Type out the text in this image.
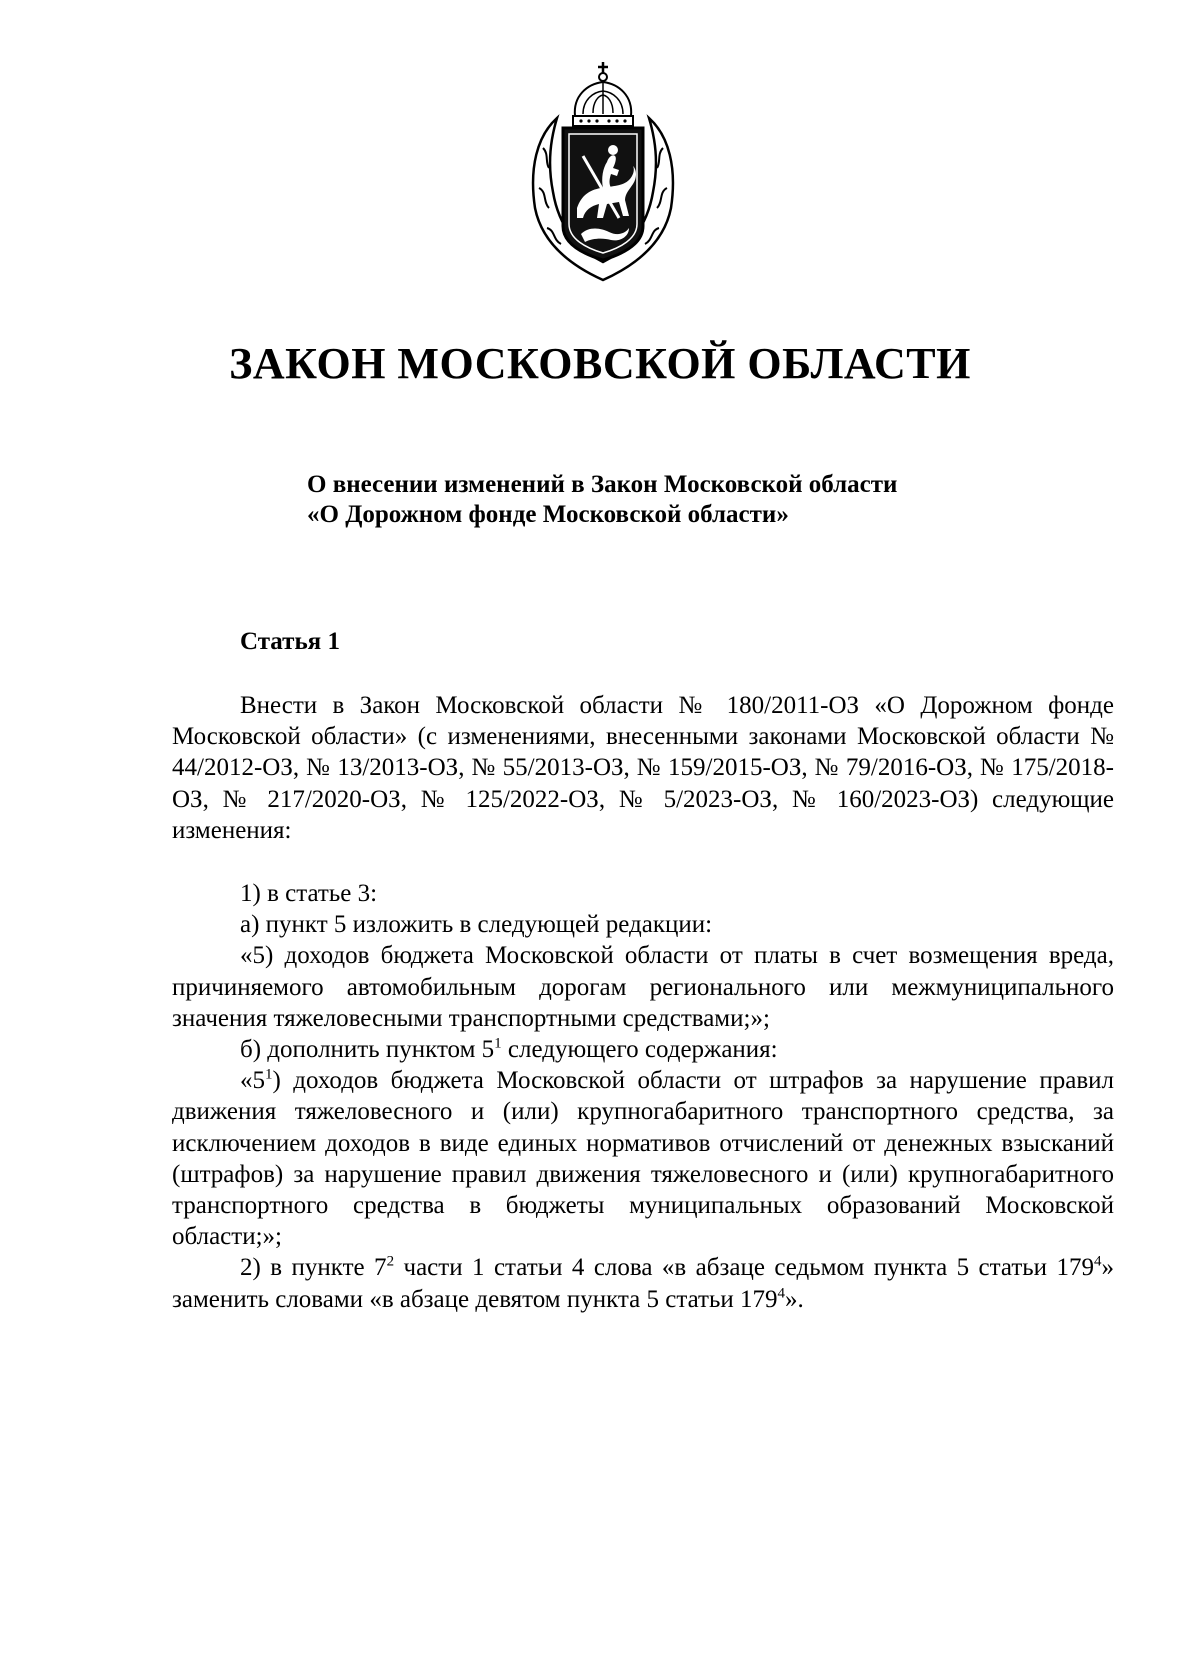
ЗАКОН МОСКОВСКОЙ ОБЛАСТИ
О внесении изменений в Закон Московской области
«О Дорожном фонде Московской области»
Статья 1

Внести в Закон Московской области № 180/2011-ОЗ «О Дорожном фонде Московской области» (с изменениями, внесенными законами Московской области № 44/2012-ОЗ, № 13/2013-ОЗ, № 55/2013-ОЗ, № 159/2015-ОЗ, № 79/2016-ОЗ, № 175/2018-ОЗ, № 217/2020-ОЗ, № 125/2022-ОЗ, № 5/2023-ОЗ, № 160/2023-ОЗ) следующие изменения:

1) в статье 3:

а) пункт 5 изложить в следующей редакции:

«5) доходов бюджета Московской области от платы в счет возмещения вреда, причиняемого автомобильным дорогам регионального или межмуниципального значения тяжеловесными транспортными средствами;»;

б) дополнить пунктом $5^1$ следующего содержания:

«$5^1$) доходов бюджета Московской области от штрафов за нарушение правил движения тяжеловесного и (или) крупногабаритного транспортного средства, за исключением доходов в виде единых нормативов отчислений от денежных взысканий (штрафов) за нарушение правил движения тяжеловесного и (или) крупногабаритного транспортного средства в бюджеты муниципальных образований Московской области;»;

2) в пункте $7^2$ части 1 статьи 4 слова «в абзаце седьмом пункта 5 статьи $179^4$» заменить словами «в абзаце девятом пункта 5 статьи $179^4$».
